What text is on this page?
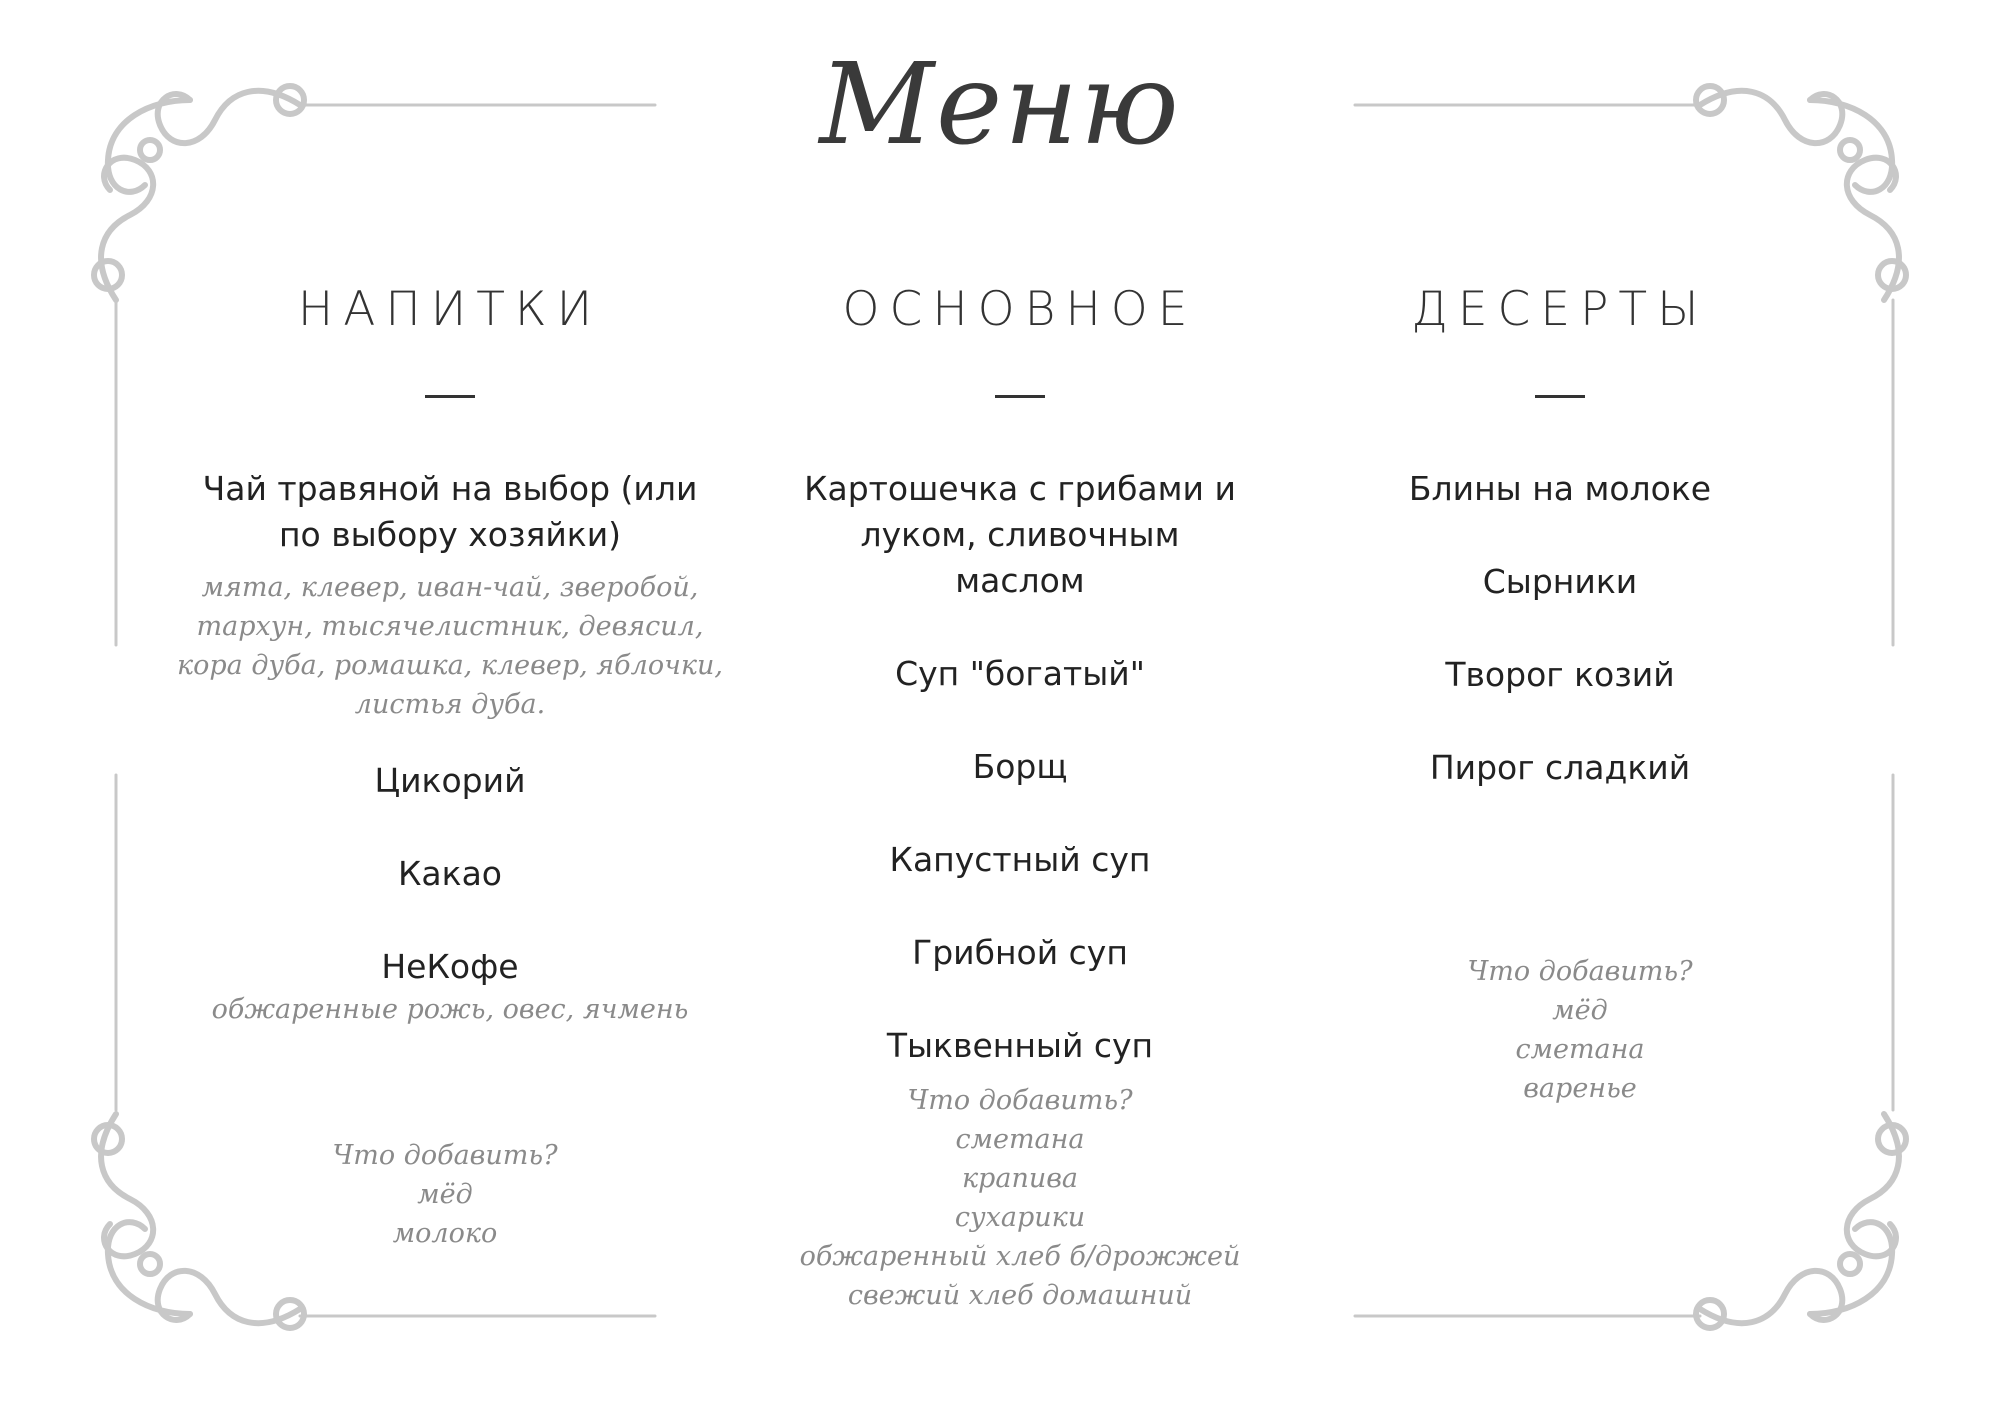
Меню
НАПИТКИ
Чай травяной на выбор (или по выбору хозяйки)
мята, клевер, иван-чай, зверобой, тархун, тысячелистник, девясил, кора дуба, ромашка, клевер, яблочки, листья дуба.
Цикорий
Какао
НеКофе
обжаренные рожь, овес, ячмень
Что добавить?
мёд
молоко
ОСНОВНОЕ
Картошечка с грибами и луком, сливочным маслом
Суп "богатый"
Борщ
Капустный суп
Грибной суп
Тыквенный суп
Что добавить?
сметана
крапива
сухарики
обжаренный хлеб б/дрожжей
свежий хлеб домашний
ДЕСЕРТЫ
Блины на молоке
Сырники
Творог козий
Пирог сладкий
Что добавить?
мёд
сметана
варенье
